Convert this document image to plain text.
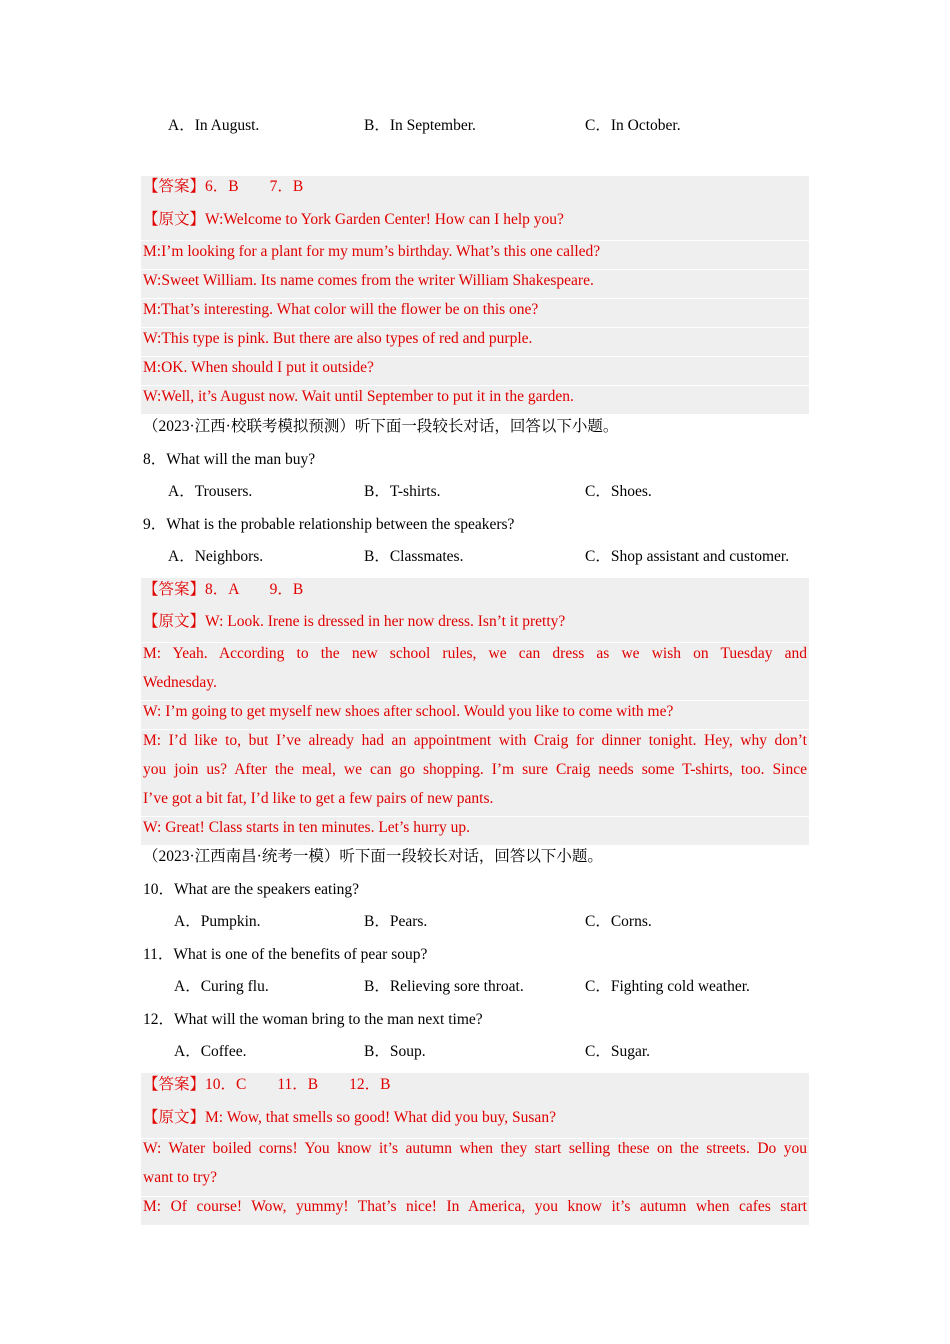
A．In August.	B．In September.	C．In October.
【答案】6．B　　7．B
【原文】W:Welcome to York Garden Center! How can I help you?
M:I’m looking for a plant for my mum’s birthday. What’s this one called?
W:Sweet William. Its name comes from the writer William Shakespeare.
M:That’s interesting. What color will the flower be on this one?
W:This type is pink. But there are also types of red and purple.
M:OK. When should I put it outside?
W:Well, it’s August now. Wait until September to put it in the garden.
（2023·江西·校联考模拟预测）听下面一段较长对话，回答以下小题。
8．What will the man buy?
A．Trousers.	B．T-shirts.	C．Shoes.
9．What is the probable relationship between the speakers?
A．Neighbors.	B．Classmates.	C．Shop assistant and customer.
【答案】8．A　　9．B
【原文】W: Look. Irene is dressed in her now dress. Isn’t it pretty?
M: Yeah. According to the new school rules, we can dress as we wish on Tuesday and
Wednesday.
W: I’m going to get myself new shoes after school. Would you like to come with me?
M: I’d like to, but I’ve already had an appointment with Craig for dinner tonight. Hey, why don’t
you join us? After the meal, we can go shopping. I’m sure Craig needs some T-shirts, too. Since
I’ve got a bit fat, I’d like to get a few pairs of new pants.
W: Great! Class starts in ten minutes. Let’s hurry up.
（2023·江西南昌·统考一模）听下面一段较长对话，回答以下小题。
10．What are the speakers eating?
A．Pumpkin.	B．Pears.	C．Corns.
11．What is one of the benefits of pear soup?
A．Curing flu.	B．Relieving sore throat.	C．Fighting cold weather.
12．What will the woman bring to the man next time?
A．Coffee.	B．Soup.	C．Sugar.
【答案】10．C　　11．B　　12．B
【原文】M: Wow, that smells so good! What did you buy, Susan?
W: Water boiled corns! You know it’s autumn when they start selling these on the streets. Do you
want to try?
M: Of course! Wow, yummy! That’s nice! In America, you know it’s autumn when cafes start
